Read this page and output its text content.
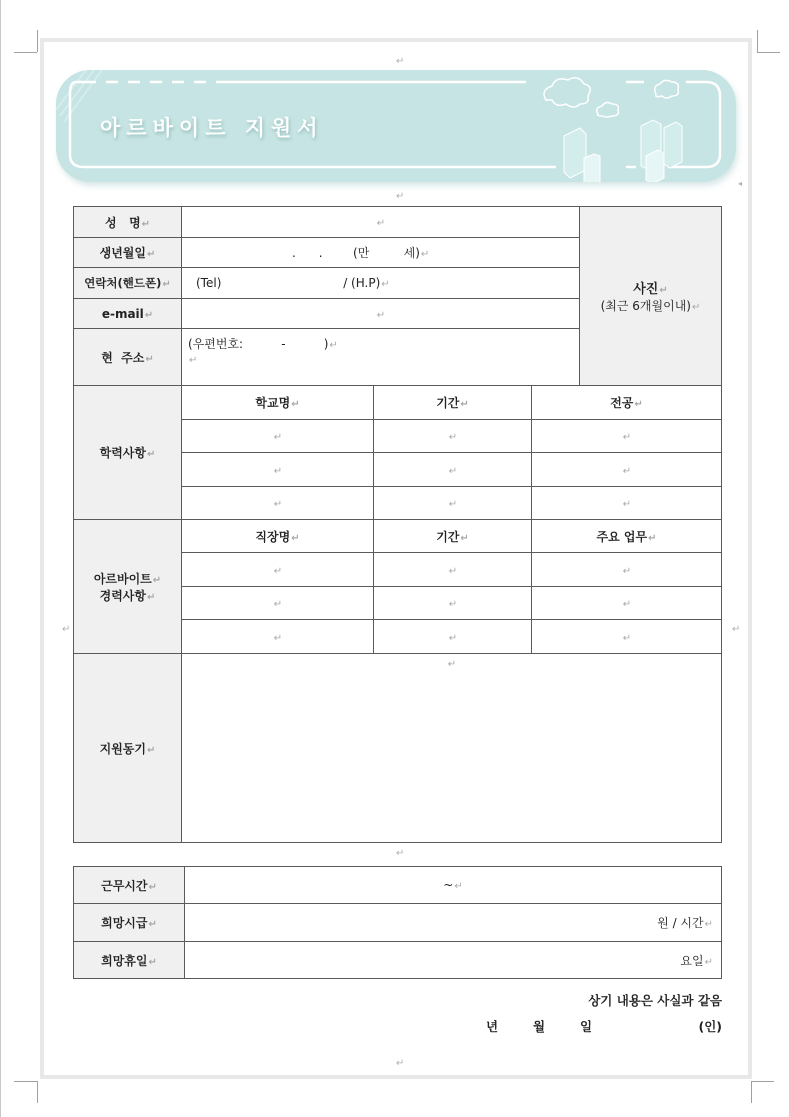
↵
↵
↵	↵
↵
↵
◂
아르바이트 지원서
성   명↵	↵	사진↵
(최근 6개월이내)↵

생년월일↵	.      .        (만         세)↵	
연락처(핸드폰)↵	(Tel) / (H.P)↵	
e-mail↵	↵	
현  주소↵	(우편번호:          -          )↵
↵	
학력사항↵	학교명↵	기간↵	전공↵
	↵	↵	↵
	↵	↵	↵
	↵	↵	↵

아르바이트↵
경력사항↵	직장명↵	기간↵	주요 업무↵
	↵	↵	↵
	↵	↵	↵
	↵	↵	↵
지원동기↵	↵		
근무시간↵	~↵
희망시급↵	원 / 시간↵
희망휴일↵	요일↵
상기 내용은 사실과 같음
년	월	일	(인)
